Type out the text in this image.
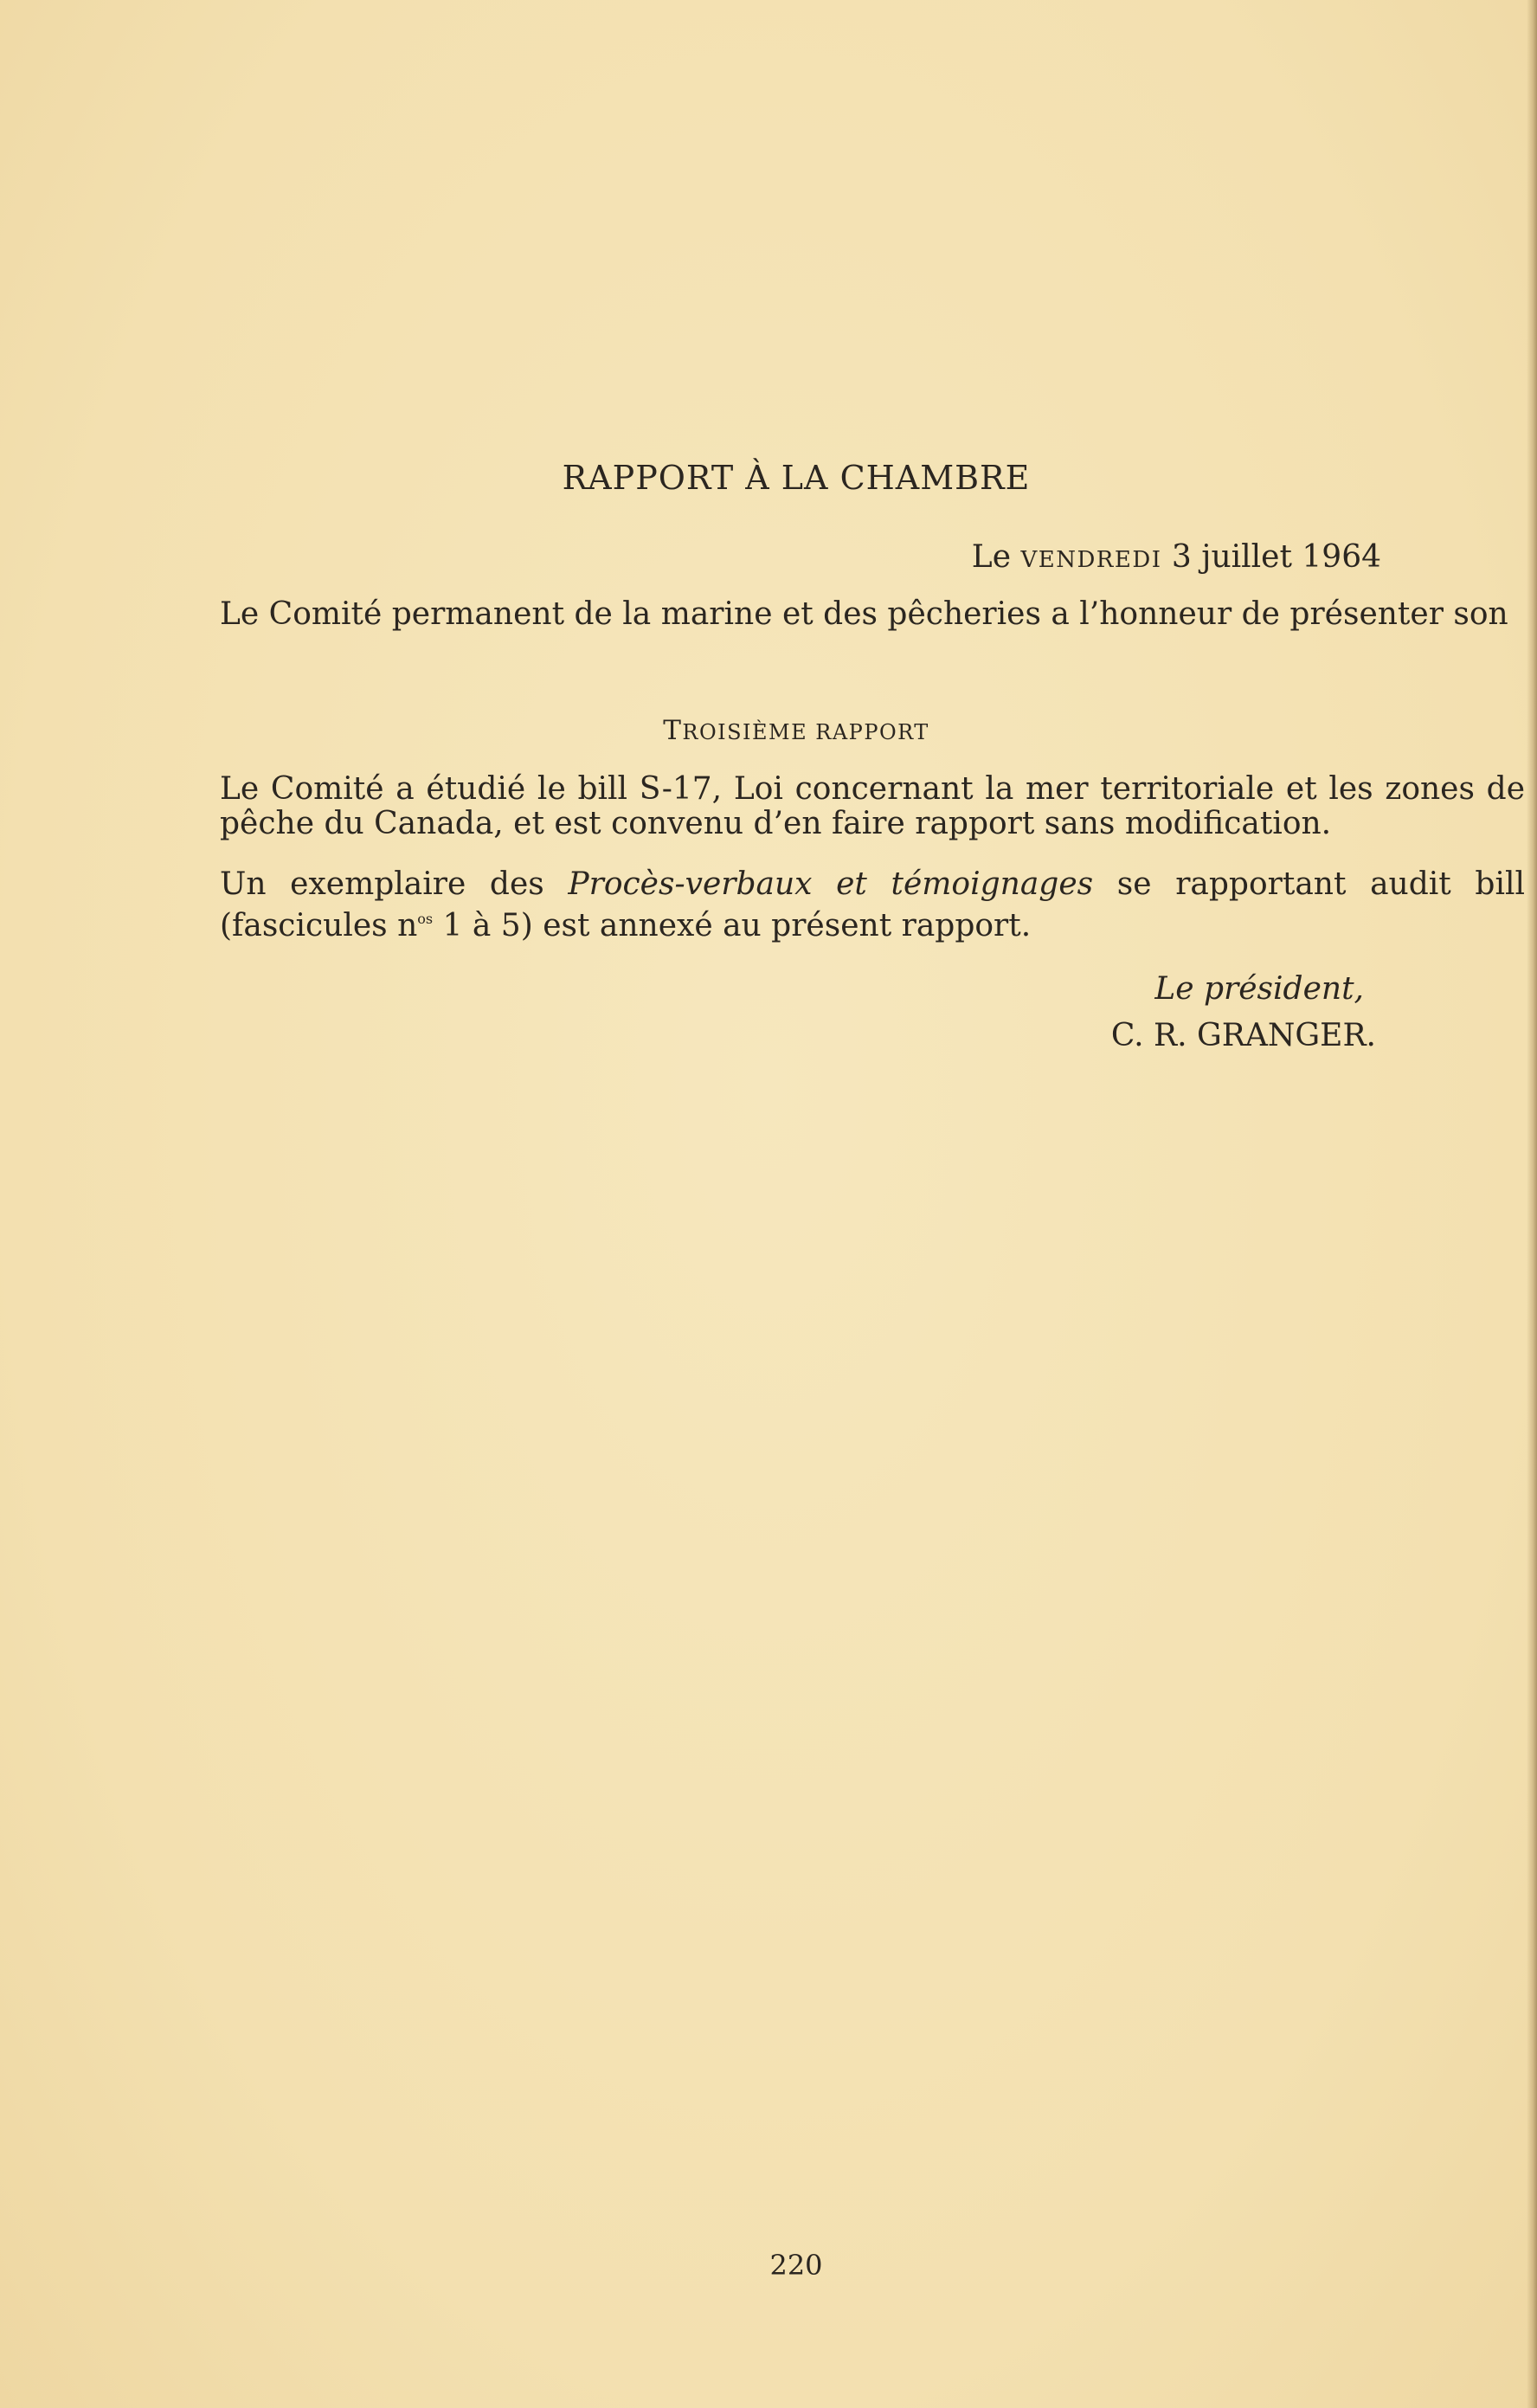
RAPPORT À LA CHAMBRE
Le VENDREDI 3 juillet 1964
Le Comité permanent de la marine et des pêcheries a l’honneur de présenter son
TROISIÈME RAPPORT
Le Comité a étudié le bill S-17, Loi concernant la mer territoriale et les zones de pêche du Canada, et est convenu d’en faire rapport sans modification.
Un exemplaire des Procès-verbaux et témoignages se rapportant audit bill (fascicules $n^{os}$ 1 à 5) est annexé au présent rapport.
Le président,
C. R. GRANGER.
220
